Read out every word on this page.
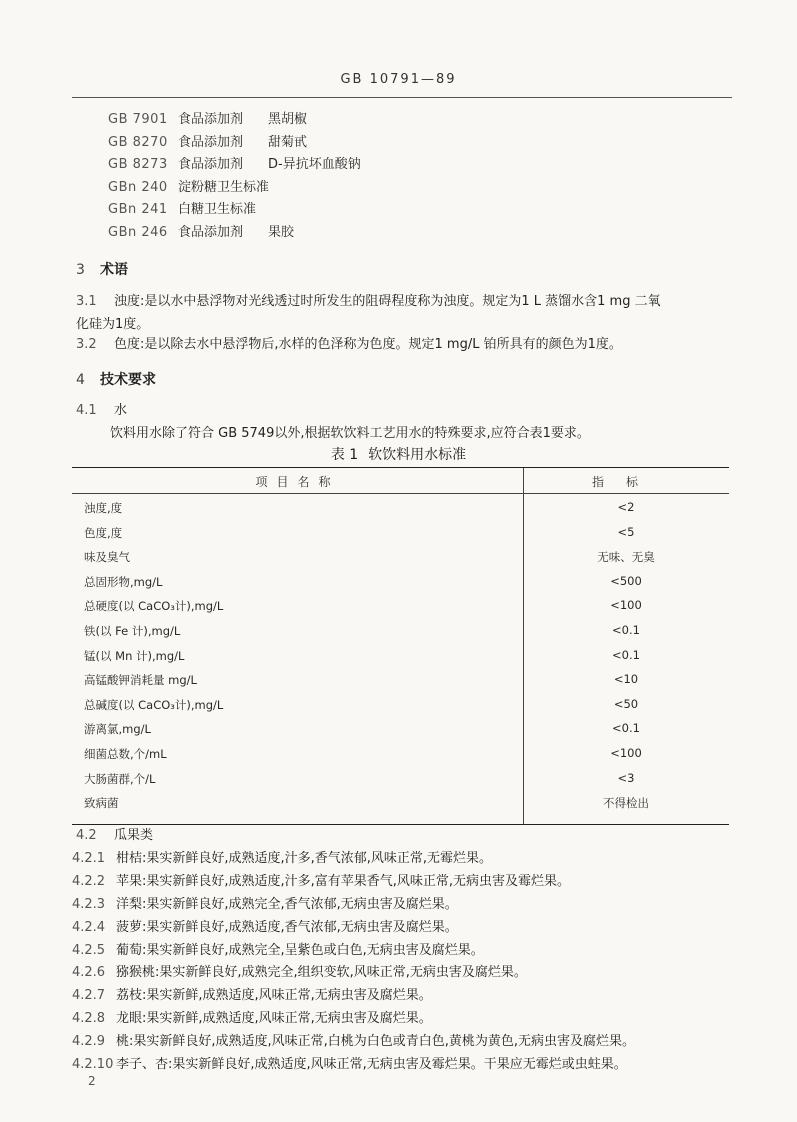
GB 10791—89
GB 7901 食品添加剂 黑胡椒
GB 8270 食品添加剂 甜菊甙
GB 8273 食品添加剂 D-异抗坏血酸钠
GBn 240 淀粉糖卫生标准
GBn 241 白糖卫生标准
GBn 246 食品添加剂 果胶
3 术语
3.1 浊度:是以水中悬浮物对光线透过时所发生的阻碍程度称为浊度。规定为1 L 蒸馏水含1 mg 二氧
化硅为1度。
3.2 色度:是以除去水中悬浮物后,水样的色泽称为色度。规定1 mg/L 铂所具有的颜色为1度。
4 技术要求
4.1 水
饮料用水除了符合 GB 5749以外,根据软饮料工艺用水的特殊要求,应符合表1要求。
表 1 软饮料用水标准
项目名称	指标
浊度,度	<2
色度,度	<5
味及臭气	无味、无臭
总固形物,mg/L	<500
总硬度(以 CaCO₃计),mg/L	<100
铁(以 Fe 计),mg/L	<0.1
锰(以 Mn 计),mg/L	<0.1
高锰酸钾消耗量 mg/L	<10
总碱度(以 CaCO₃计),mg/L	<50
游离氯,mg/L	<0.1
细菌总数,个/mL	<100
大肠菌群,个/L	<3
致病菌	不得检出
4.2 瓜果类
4.2.1 柑桔:果实新鲜良好,成熟适度,汁多,香气浓郁,风味正常,无霉烂果。
4.2.2 苹果:果实新鲜良好,成熟适度,汁多,富有苹果香气,风味正常,无病虫害及霉烂果。
4.2.3 洋梨:果实新鲜良好,成熟完全,香气浓郁,无病虫害及腐烂果。
4.2.4 菠萝:果实新鲜良好,成熟适度,香气浓郁,无病虫害及腐烂果。
4.2.5 葡萄:果实新鲜良好,成熟完全,呈紫色或白色,无病虫害及腐烂果。
4.2.6 猕猴桃:果实新鲜良好,成熟完全,组织变软,风味正常,无病虫害及腐烂果。
4.2.7 荔枝:果实新鲜,成熟适度,风味正常,无病虫害及腐烂果。
4.2.8 龙眼:果实新鲜,成熟适度,风味正常,无病虫害及腐烂果。
4.2.9 桃:果实新鲜良好,成熟适度,风味正常,白桃为白色或青白色,黄桃为黄色,无病虫害及腐烂果。
4.2.10 李子、杏:果实新鲜良好,成熟适度,风味正常,无病虫害及霉烂果。干果应无霉烂或虫蛀果。
2
